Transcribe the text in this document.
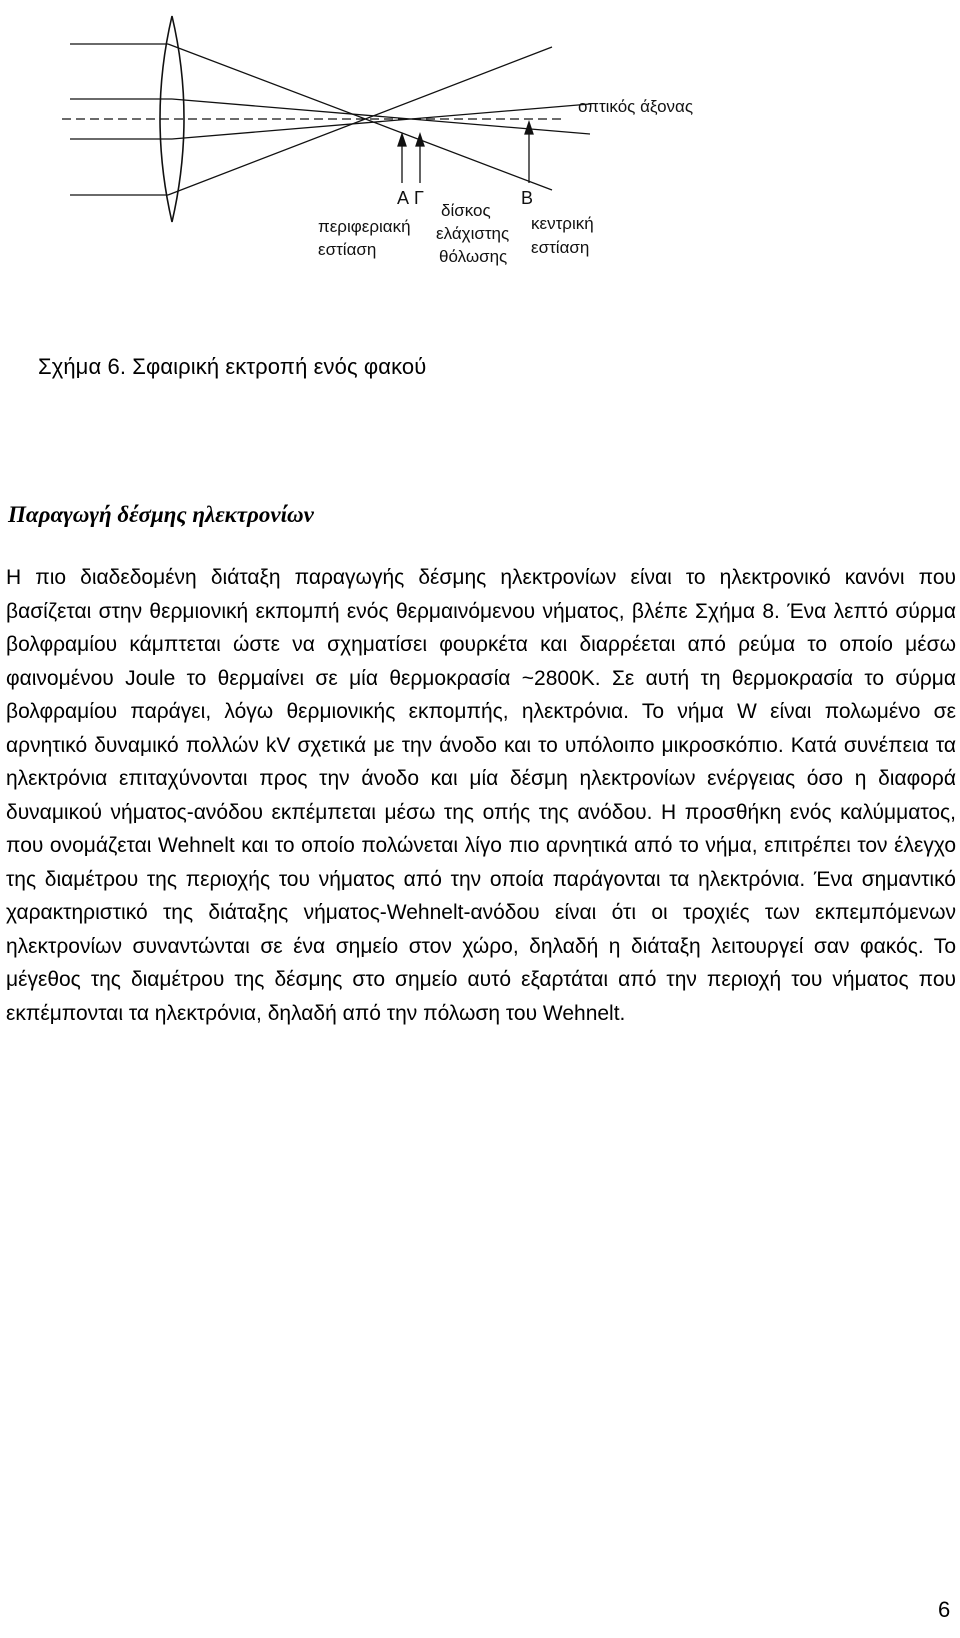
οπτικός άξονας
Α Γ	Β
περιφεριακή
εστίαση
δίσκος
ελάχιστης
θόλωσης
κεντρική
εστίαση
Σχήμα 6. Σφαιρική εκτροπή ενός φακού
Παραγωγή δέσμης ηλεκτρονίων

Η πιο διαδεδομένη διάταξη παραγωγής δέσμης ηλεκτρονίων είναι το ηλεκτρονικό κανόνι που βασίζεται στην θερμιονική εκπομπή ενός θερμαινόμενου νήματος, βλέπε Σχήμα 8. Ένα λεπτό σύρμα βολφραμίου κάμπτεται ώστε να σχηματίσει φουρκέτα και διαρρέεται από ρεύμα το οποίο μέσω φαινομένου Joule το θερμαίνει σε μία θερμοκρασία ~2800K. Σε αυτή τη θερμοκρασία το σύρμα βολφραμίου παράγει, λόγω θερμιονικής εκπομπής, ηλεκτρόνια. Το νήμα W είναι πολωμένο σε αρνητικό δυναμικό πολλών kV σχετικά με την άνοδο και το υπόλοιπο μικροσκόπιο. Κατά συνέπεια τα ηλεκτρόνια επιταχύνονται προς την άνοδο και μία δέσμη ηλεκτρονίων ενέργειας όσο η διαφορά δυναμικού νήματος-ανόδου εκπέμπεται μέσω της οπής της ανόδου. Η προσθήκη ενός καλύμματος, που ονομάζεται Wehnelt και το οποίο πολώνεται λίγο πιο αρνητικά από το νήμα, επιτρέπει τον έλεγχο της διαμέτρου της περιοχής του νήματος από την οποία παράγονται τα ηλεκτρόνια. Ένα σημαντικό χαρακτηριστικό της διάταξης νήματος-Wehnelt-ανόδου είναι ότι οι τροχιές των εκπεμπόμενων ηλεκτρονίων συναντώνται σε ένα σημείο στον χώρο, δηλαδή η διάταξη λειτουργεί σαν φακός. Το μέγεθος της διαμέτρου της δέσμης στο σημείο αυτό εξαρτάται από την περιοχή του νήματος που εκπέμπονται τα ηλεκτρόνια, δηλαδή από την πόλωση του Wehnelt.

6
